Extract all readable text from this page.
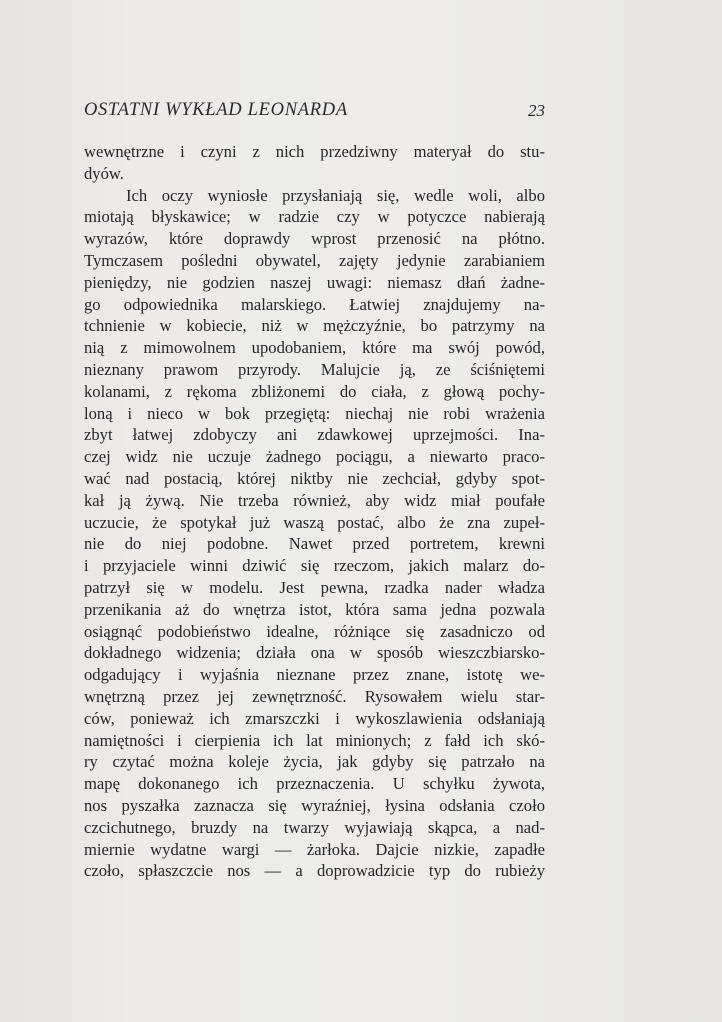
OSTATNI WYKŁAD LEONARDA	23
wewnętrzne i czyni z nich przedziwny materyał do stu-
dyów.
Ich oczy wyniosłe przysłaniają się, wedle woli, albo
miotają błyskawice; w radzie czy w potyczce nabierają
wyrazów, które doprawdy wprost przenosić na płótno.
Tymczasem pośledni obywatel, zajęty jedynie zarabianiem
pieniędzy, nie godzien naszej uwagi: niemasz dłań żadne-
go odpowiednika malarskiego. Łatwiej znajdujemy na-
tchnienie w kobiecie, niż w mężczyźnie, bo patrzymy na
nią z mimowolnem upodobaniem, które ma swój powód,
nieznany prawom przyrody. Malujcie ją, ze ściśniętemi
kolanami, z rękoma zbliżonemi do ciała, z głową pochy-
loną i nieco w bok przegiętą: niechaj nie robi wrażenia
zbyt łatwej zdobyczy ani zdawkowej uprzejmości. Ina-
czej widz nie uczuje żadnego pociągu, a niewarto praco-
wać nad postacią, której niktby nie zechciał, gdyby spot-
kał ją żywą. Nie trzeba również, aby widz miał poufałe
uczucie, że spotykał już waszą postać, albo że zna zupeł-
nie do niej podobne. Nawet przed portretem, krewni
i przyjaciele winni dziwić się rzeczom, jakich malarz do-
patrzył się w modelu. Jest pewna, rzadka nader władza
przenikania aż do wnętrza istot, która sama jedna pozwala
osiągnąć podobieństwo idealne, różniące się zasadniczo od
dokładnego widzenia; działa ona w sposób wieszczbiarsko-
odgadujący i wyjaśnia nieznane przez znane, istotę we-
wnętrzną przez jej zewnętrzność. Rysowałem wielu star-
ców, ponieważ ich zmarszczki i wykoszlawienia odsłaniają
namiętności i cierpienia ich lat minionych; z fałd ich skó-
ry czytać można koleje życia, jak gdyby się patrzało na
mapę dokonanego ich przeznaczenia. U schyłku żywota,
nos pyszałka zaznacza się wyraźniej, łysina odsłania czoło
czcichutnego, bruzdy na twarzy wyjawiają skąpca, a nad-
miernie wydatne wargi — żarłoka. Dajcie nizkie, zapadłe
czoło, spłaszczcie nos — a doprowadzicie typ do rubieży
